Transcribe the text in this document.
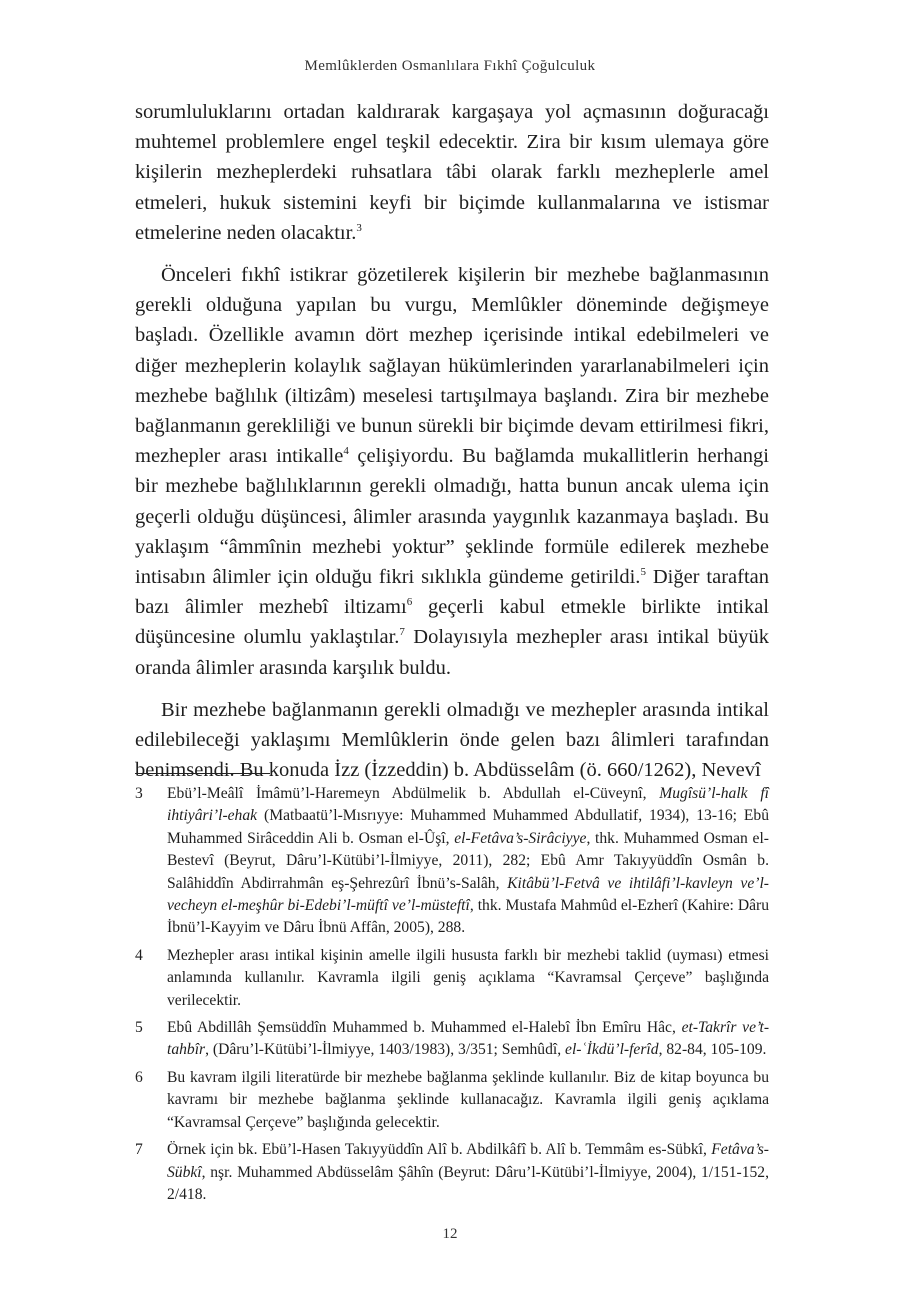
Memlûklerden Osmanlılara Fıkhî Çoğulculuk

sorumluluklarını ortadan kaldırarak kargaşaya yol açmasının doğuracağı muhtemel problemlere engel teşkil edecektir. Zira bir kısım ulemaya göre kişilerin mezheplerdeki ruhsatlara tâbi olarak farklı mezheplerle amel etmeleri, hukuk sistemini keyfi bir biçimde kullanmalarına ve istismar etmelerine neden olacaktır.$^3$

Önceleri fıkhî istikrar gözetilerek kişilerin bir mezhebe bağlanmasının gerekli olduğuna yapılan bu vurgu, Memlûkler döneminde değişmeye başladı. Özellikle avamın dört mezhep içerisinde intikal edebilmeleri ve diğer mezheplerin kolaylık sağlayan hükümlerinden yararlanabilmeleri için mezhebe bağlılık (iltizâm) meselesi tartışılmaya başlandı. Zira bir mezhebe bağlanmanın gerekliliği ve bunun sürekli bir biçimde devam ettirilmesi fikri, mezhepler arası intikalle$^4$ çelişiyordu. Bu bağlamda mukallitlerin herhangi bir mezhebe bağlılıklarının gerekli olmadığı, hatta bunun ancak ulema için geçerli olduğu düşüncesi, âlimler arasında yaygınlık kazanmaya başladı. Bu yaklaşım “âmmînin mezhebi yoktur” şeklinde formüle edilerek mezhebe intisabın âlimler için olduğu fikri sıklıkla gündeme getirildi.$^5$ Diğer taraftan bazı âlimler mezhebî iltizamı$^6$ geçerli kabul etmekle birlikte intikal düşüncesine olumlu yaklaştılar.$^7$ Dolayısıyla mezhepler arası intikal büyük oranda âlimler arasında karşılık buldu.

Bir mezhebe bağlanmanın gerekli olmadığı ve mezhepler arasında intikal edilebileceği yaklaşımı Memlûklerin önde gelen bazı âlimleri tarafından benimsendi. Bu konuda İzz (İzzeddin) b. Abdüsselâm (ö. 660/1262), Nevevî

3	Ebü’l-Meâlî İmâmü’l-Haremeyn Abdülmelik b. Abdullah el-Cüveynî, Mugîsü’l-halk fî ihtiyâri’l-ehak (Matbaatü’l-Mısrıyye: Muhammed Muhammed Abdullatif, 1934), 13-16; Ebû Muhammed Sirâceddin Ali b. Osman el-Ûşî, el-Fetâva’s-Sirâciyye, thk. Muhammed Osman el-Bestevî (Beyrut, Dâru’l-Kütübi’l-İlmiyye, 2011), 282; Ebû Amr Takıyyüddîn Osmân b. Salâhiddîn Abdirrahmân eş-Şehrezûrî İbnü’s-Salâh, Kitâbü’l-Fetvâ ve ihtilâfi’l-kavleyn ve’l-vecheyn el-meşhûr bi-Edebi’l-müftî ve’l-müsteftî, thk. Mustafa Mahmûd el-Ezherî (Kahire: Dâru İbnü’l-Kayyim ve Dâru İbnü Affân, 2005), 288.
4	Mezhepler arası intikal kişinin amelle ilgili hususta farklı bir mezhebi taklid (uyması) etmesi anlamında kullanılır. Kavramla ilgili geniş açıklama “Kavramsal Çerçeve” başlığında verilecektir.
5	Ebû Abdillâh Şemsüddîn Muhammed b. Muhammed el-Halebî İbn Emîru Hâc, et-Takrîr ve’t-tahbîr, (Dâru’l-Kütübi’l-İlmiyye, 1403/1983), 3/351; Semhûdî, el-ʿİkdü’l-ferîd, 82-84, 105-109.
6	Bu kavram ilgili literatürde bir mezhebe bağlanma şeklinde kullanılır. Biz de kitap boyunca bu kavramı bir mezhebe bağlanma şeklinde kullanacağız. Kavramla ilgili geniş açıklama “Kavramsal Çerçeve” başlığında gelecektir.
7	Örnek için bk. Ebü’l-Hasen Takıyyüddîn Alî b. Abdilkâfî b. Alî b. Temmâm es-Sübkî, Fetâva’s-Sübkî, nşr. Muhammed Abdüsselâm Şâhîn (Beyrut: Dâru’l-Kütübi’l-İlmiyye, 2004), 1/151-152, 2/418.
12
